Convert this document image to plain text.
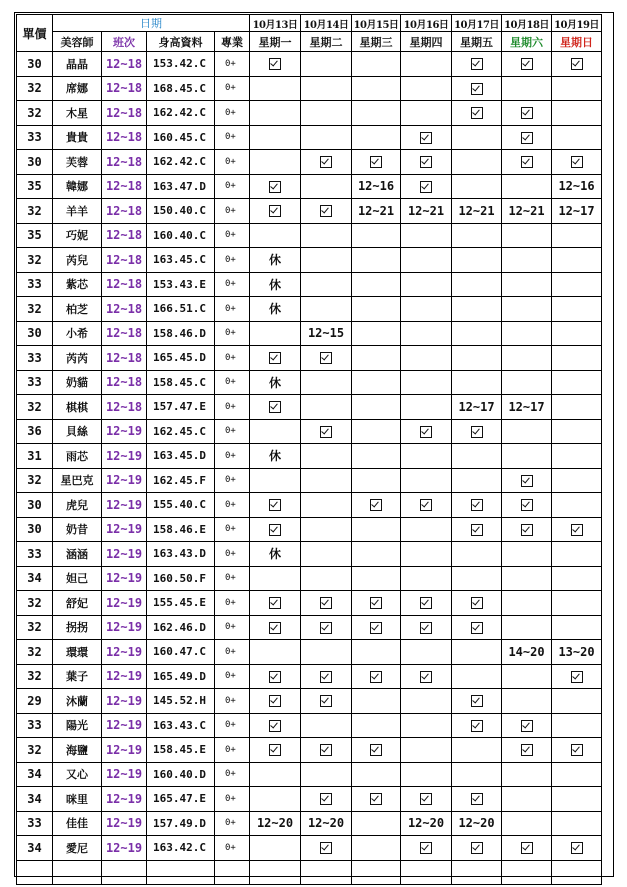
單價	日期				10月13日	10月14日	10月15日	10月16日	10月17日	10月18日	10月19日
	美容師	班次	身高資料	專業	星期一	星期二	星期三	星期四	星期五	星期六	星期日
30	晶晶	12~18	153.42.C	0+							
32	席娜	12~18	168.45.C	0+							
32	木星	12~18	162.42.C	0+							
33	貴貴	12~18	160.45.C	0+							
30	芙蓉	12~18	162.42.C	0+							
35	韓娜	12~18	163.47.D	0+			12~16				12~16
32	羊羊	12~18	150.40.C	0+			12~21	12~21	12~21	12~21	12~17
35	巧妮	12~18	160.40.C	0+							
32	芮兒	12~18	163.45.C	0+	休						
33	紫芯	12~18	153.43.E	0+	休						
32	柏芝	12~18	166.51.C	0+	休						
30	小希	12~18	158.46.D	0+		12~15					
33	芮芮	12~18	165.45.D	0+							
33	奶貓	12~18	158.45.C	0+	休						
32	棋棋	12~18	157.47.E	0+					12~17	12~17	
36	貝絲	12~19	162.45.C	0+							
31	雨芯	12~19	163.45.D	0+	休						
32	星巴克	12~19	162.45.F	0+							
30	虎兒	12~19	155.40.C	0+							
30	奶昔	12~19	158.46.E	0+							
33	涵涵	12~19	163.43.D	0+	休						
34	妲己	12~19	160.50.F	0+							
32	舒妃	12~19	155.45.E	0+							
32	拐拐	12~19	162.46.D	0+							
32	環環	12~19	160.47.C	0+						14~20	13~20
32	葉子	12~19	165.49.D	0+							
29	沐蘭	12~19	145.52.H	0+							
33	陽光	12~19	163.43.C	0+							
32	海鹽	12~19	158.45.E	0+							
34	又心	12~19	160.40.D	0+							
34	咪里	12~19	165.47.E	0+							
33	佳佳	12~19	157.49.D	0+	12~20	12~20		12~20	12~20		
34	愛尼	12~19	163.42.C	0+							
